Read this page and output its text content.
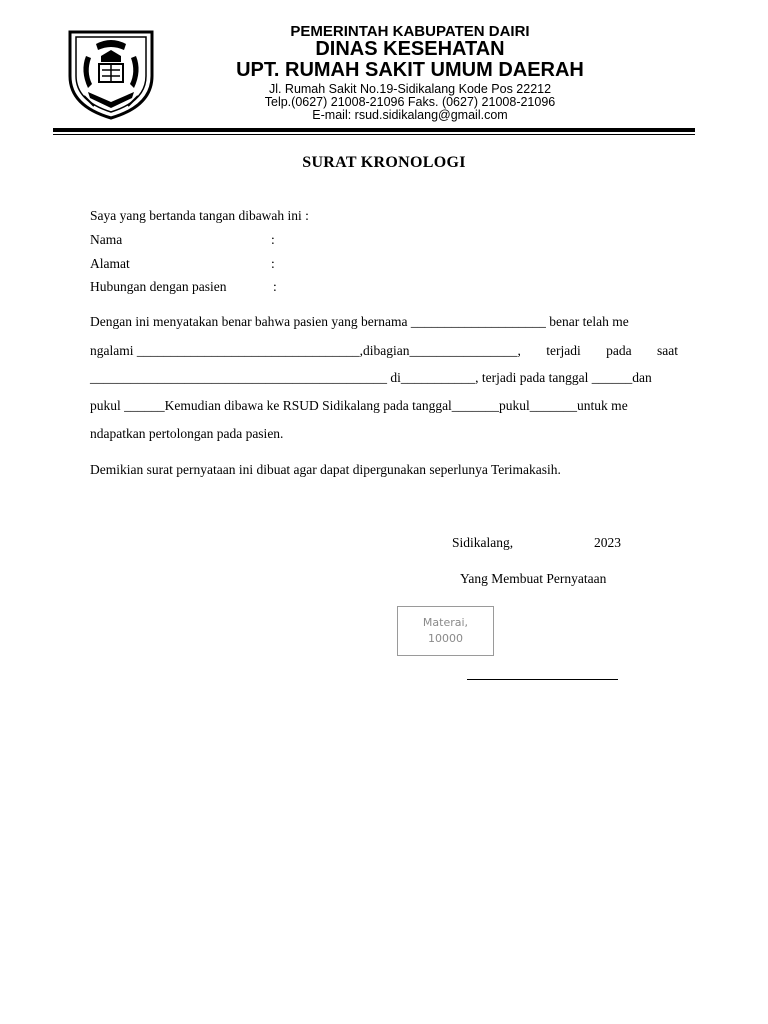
PEMERINTAH KABUPATEN DAIRI
DINAS KESEHATAN
UPT. RUMAH SAKIT UMUM DAERAH
Jl. Rumah Sakit No.19-Sidikalang Kode Pos 22212
Telp.(0627) 21008-21096 Faks. (0627) 21008-21096
E-mail: rsud.sidikalang@gmail.com
SURAT KRONOLOGI
Saya yang bertanda tangan dibawah ini :
Nama	:
Alamat	:
Hubungan dengan pasien	:
Dengan ini menyatakan benar bahwa pasien yang bernama ____________________ benar telah me
ngalami _________________________________,dibagian________________, terjadi pada saat
____________________________________________ di___________, terjadi pada tanggal ______dan
pukul ______Kemudian dibawa ke RSUD Sidikalang pada tanggal_______pukul_______untuk me
ndapatkan pertolongan pada pasien.
Demikian surat pernyataan ini dibuat agar dapat dipergunakan seperlunya Terimakasih.
Sidikalang,	2023
Yang Membuat Pernyataan
Materai,
10000
